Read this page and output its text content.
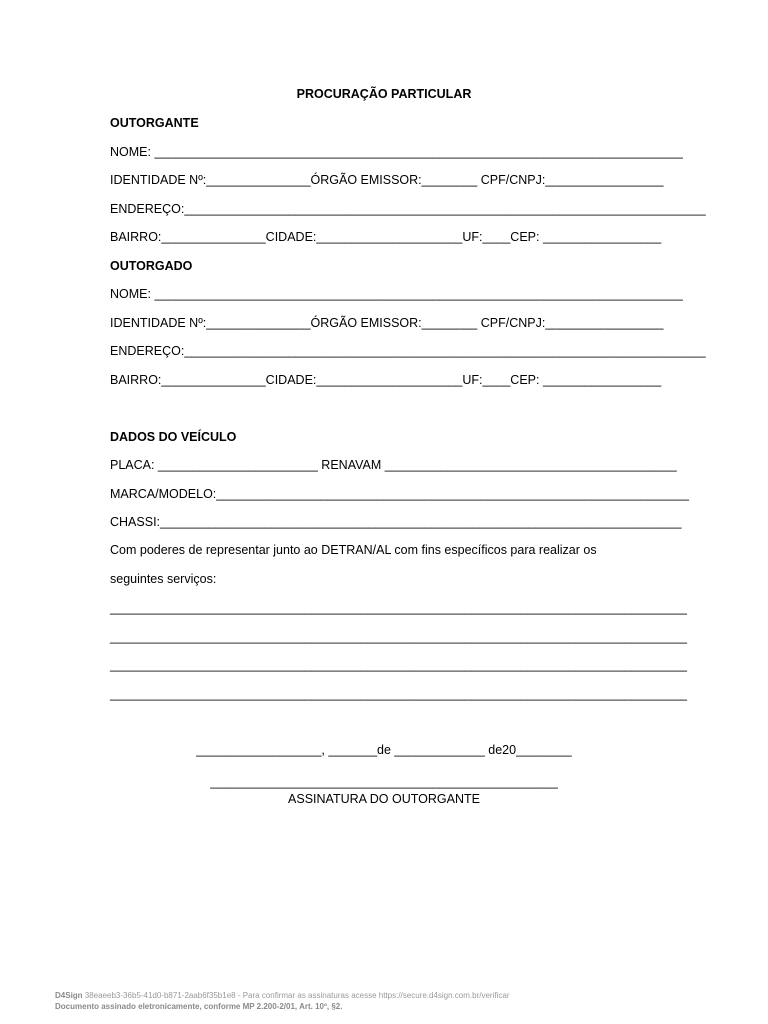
PROCURAÇÃO PARTICULAR
OUTORGANTE
NOME: ____________________________________________________________________________
IDENTIDADE Nº:_______________ÓRGÃO EMISSOR:________ CPF/CNPJ:_________________
ENDEREÇO:___________________________________________________________________________
BAIRRO:_______________CIDADE:_____________________UF:____CEP: _________________
OUTORGADO
NOME: ____________________________________________________________________________
IDENTIDADE Nº:_______________ÓRGÃO EMISSOR:________ CPF/CNPJ:_________________
ENDEREÇO:___________________________________________________________________________
BAIRRO:_______________CIDADE:_____________________UF:____CEP: _________________
DADOS DO VEÍCULO
PLACA: _______________________ RENAVAM __________________________________________
MARCA/MODELO:____________________________________________________________________
CHASSI:___________________________________________________________________________
Com poderes de representar junto ao DETRAN/AL com fins específicos para realizar os
seguintes serviços:
___________________________________________________________________________________
___________________________________________________________________________________
___________________________________________________________________________________
___________________________________________________________________________________
__________________, _______de _____________ de20________
__________________________________________________
ASSINATURA DO OUTORGANTE
D4Sign 38eaeeb3-36b5-41d0-b871-2aab6f35b1e8 - Para confirmar as assinaturas acesse https://secure.d4sign.com.br/verificar
Documento assinado eletronicamente, conforme MP 2.200-2/01, Art. 10º, §2.
